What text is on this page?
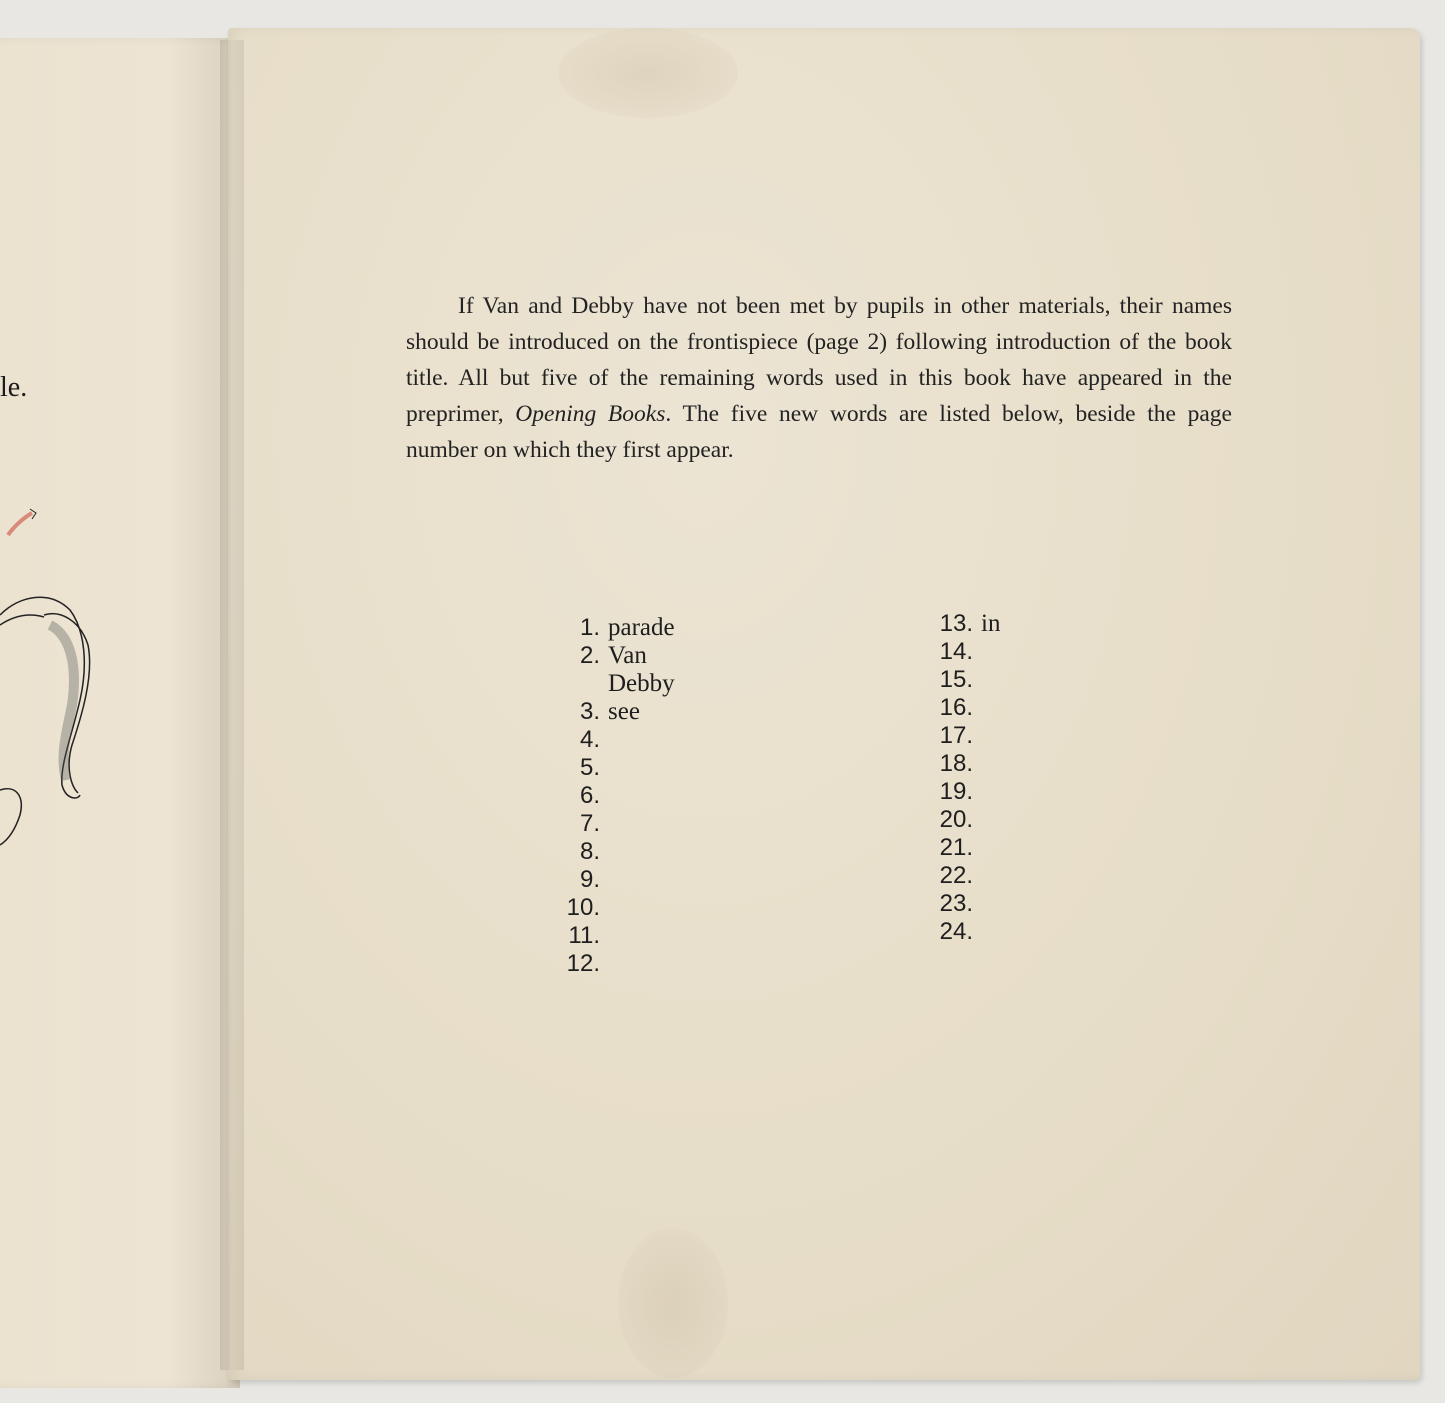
le.

If Van and Debby have not been met by pupils in other materials, their names should be introduced on the frontispiece (page 2) following introduction of the book title. All but five of the remaining words used in this book have appeared in the preprimer, Opening Books. The five new words are listed below, beside the page number on which they first appear.

1. parade
2. Van
Debby
3. see
4.
5.
6.
7.
8.
9.
10.
11.
12.
13. in
14.
15.
16.
17.
18.
19.
20.
21.
22.
23.
24.
